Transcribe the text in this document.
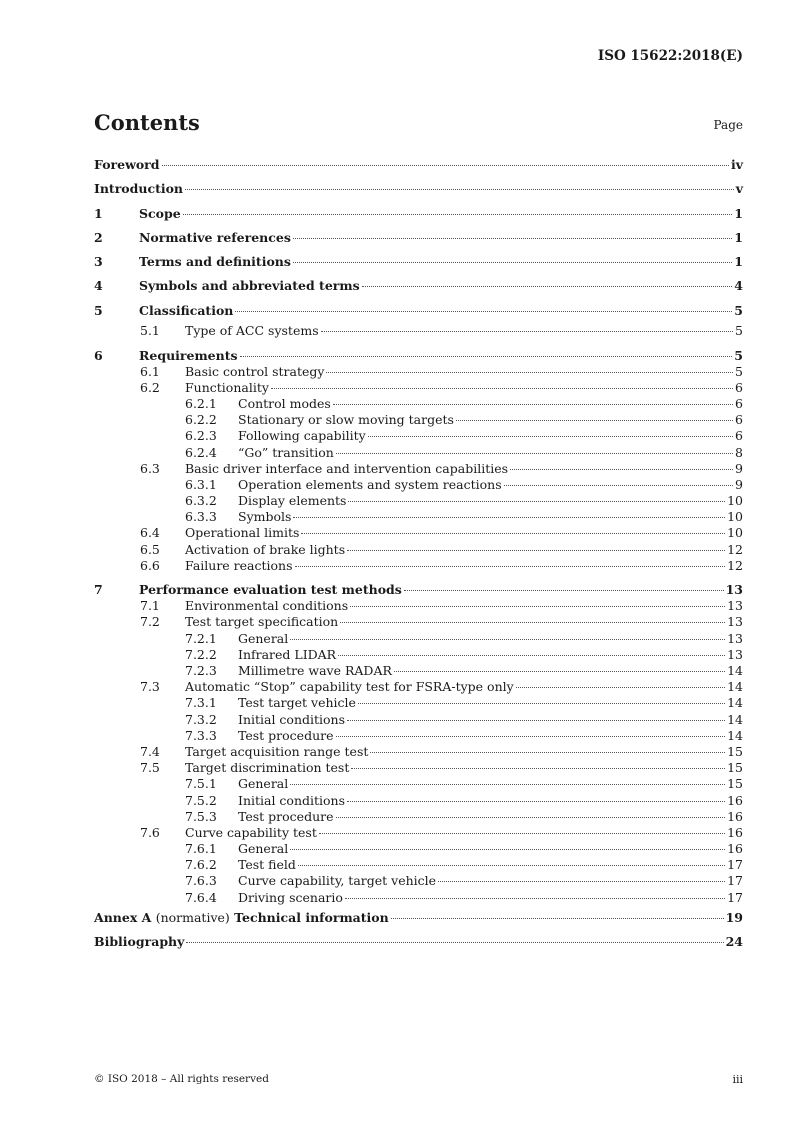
ISO 15622:2018(E)
Contents	Page
Foreword	iv
Introduction	v
1	Scope	1
2	Normative references	1
3	Terms and definitions	1
4	Symbols and abbreviated terms	4
5	Classification	5
5.1	Type of ACC systems	5
6	Requirements	5
6.1	Basic control strategy	5
6.2	Functionality	6
6.2.1	Control modes	6
6.2.2	Stationary or slow moving targets	6
6.2.3	Following capability	6
6.2.4	“Go” transition	8
6.3	Basic driver interface and intervention capabilities	9
6.3.1	Operation elements and system reactions	9
6.3.2	Display elements	10
6.3.3	Symbols	10
6.4	Operational limits	10
6.5	Activation of brake lights	12
6.6	Failure reactions	12
7	Performance evaluation test methods	13
7.1	Environmental conditions	13
7.2	Test target specification	13
7.2.1	General	13
7.2.2	Infrared LIDAR	13
7.2.3	Millimetre wave RADAR	14
7.3	Automatic “Stop” capability test for FSRA-type only	14
7.3.1	Test target vehicle	14
7.3.2	Initial conditions	14
7.3.3	Test procedure	14
7.4	Target acquisition range test	15
7.5	Target discrimination test	15
7.5.1	General	15
7.5.2	Initial conditions	16
7.5.3	Test procedure	16
7.6	Curve capability test	16
7.6.1	General	16
7.6.2	Test field	17
7.6.3	Curve capability, target vehicle	17
7.6.4	Driving scenario	17
Annex A (normative) Technical information	19
Bibliography	24
© ISO 2018 – All rights reserved	iii
